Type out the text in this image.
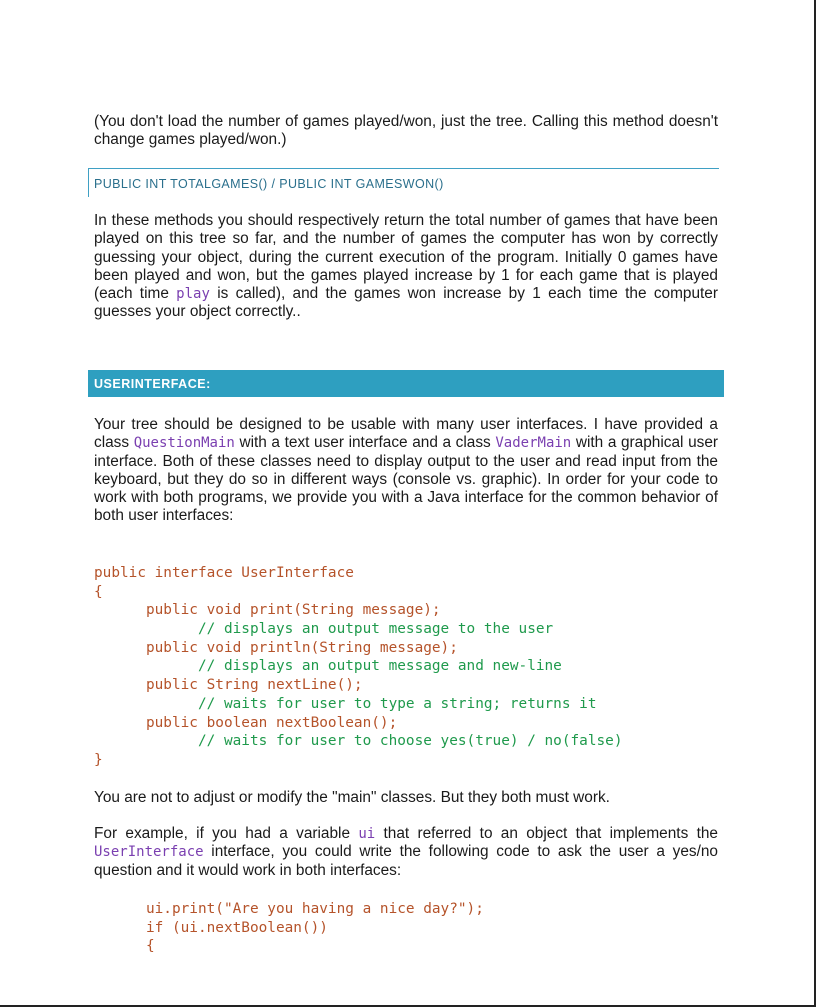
(You don't load the number of games played/won, just the tree. Calling this method doesn't change games played/won.)

PUBLIC INT TOTALGAMES() / PUBLIC INT GAMESWON()

In these methods you should respectively return the total number of games that have been played on this tree so far, and the number of games the computer has won by correctly guessing your object, during the current execution of the program. Initially 0 games have been played and won, but the games played increase by 1 for each game that is played (each time play is called), and the games won increase by 1 each time the computer guesses your object correctly..

USERINTERFACE:

Your tree should be designed to be usable with many user interfaces. I have provided a class QuestionMain with a text user interface and a class VaderMain with a graphical user interface. Both of these classes need to display output to the user and read input from the keyboard, but they do so in different ways (console vs. graphic). In order for your code to work with both programs, we provide you with a Java interface for the common behavior of both user interfaces:

public interface UserInterface
{
public void print(String message);
// displays an output message to the user
public void println(String message);
// displays an output message and new-line
public String nextLine();
// waits for user to type a string; returns it
public boolean nextBoolean();
// waits for user to choose yes(true) / no(false)
}

You are not to adjust or modify the "main" classes. But they both must work.

For example, if you had a variable ui that referred to an object that implements the UserInterface interface, you could write the following code to ask the user a yes/no question and it would work in both interfaces:

ui.print("Are you having a nice day?");
if (ui.nextBoolean())
{
